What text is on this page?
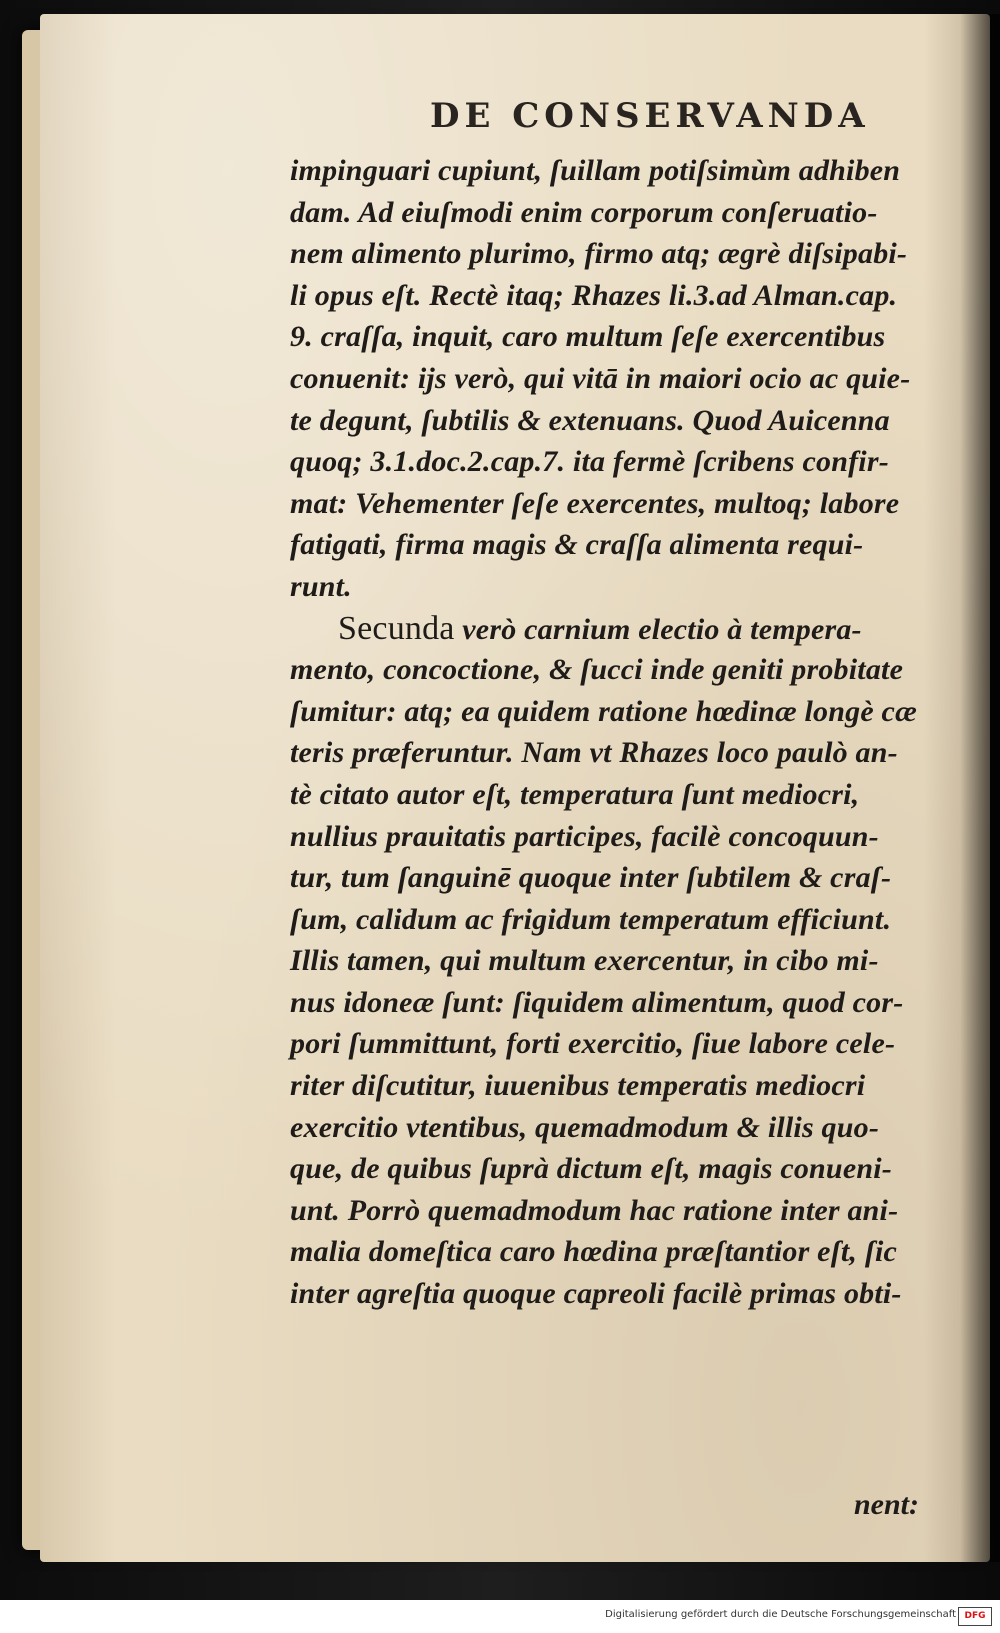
DE CONSERVANDA
impinguari cupiunt, ſuillam potiſsimùm adhiben
dam. Ad eiuſmodi enim corporum conſeruatio-
nem alimento plurimo, firmo atq; ægrè diſsipabi-
li opus eſt. Rectè itaq; Rhazes li.3.ad Alman.cap.
9. craſſa, inquit, caro multum ſeſe exercentibus
conuenit: ijs verò, qui vitā in maiori ocio ac quie-
te degunt, ſubtilis & extenuans. Quod Auicenna
quoq; 3.1.doc.2.cap.7. ita fermè ſcribens confir-
mat: Vehementer ſeſe exercentes, multoq; labore
fatigati, firma magis & craſſa alimenta requi-
runt.
Secunda verò carnium electio à tempera-
mento, concoctione, & ſucci inde geniti probitate
ſumitur: atq; ea quidem ratione hœdinæ longè cæ
teris præferuntur. Nam vt Rhazes loco paulò an-
tè citato autor eſt, temperatura ſunt mediocri,
nullius prauitatis participes, facilè concoquun-
tur, tum ſanguinē quoque inter ſubtilem & craſ-
ſum, calidum ac frigidum temperatum efficiunt.
Illis tamen, qui multum exercentur, in cibo mi-
nus idoneæ ſunt: ſiquidem alimentum, quod cor-
pori ſummittunt, forti exercitio, ſiue labore cele-
riter diſcutitur, iuuenibus temperatis mediocri
exercitio vtentibus, quemadmodum & illis quo-
que, de quibus ſuprà dictum eſt, magis conueni-
unt. Porrò quemadmodum hac ratione inter ani-
malia domeſtica caro hœdina præſtantior eſt, ſic
inter agreſtia quoque capreoli facilè primas obti-
nent:
Digitalisierung gefördert durch die Deutsche Forschungsgemeinschaft DFG
